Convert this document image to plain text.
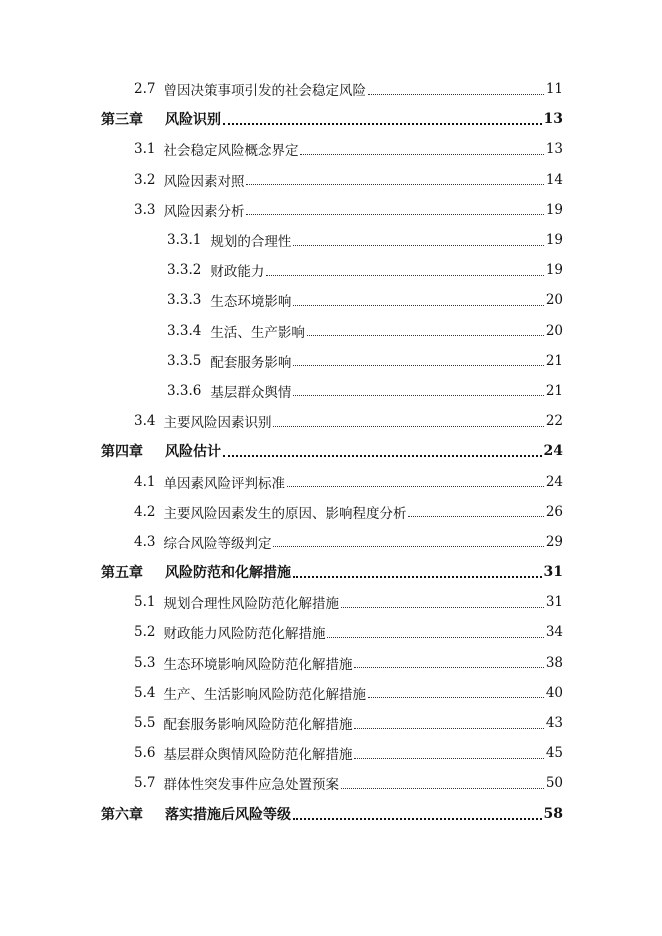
2.7 曾因决策事项引发的社会稳定风险	11
第三章 风险识别	13
3.1 社会稳定风险概念界定	13
3.2 风险因素对照	14
3.3 风险因素分析	19
3.3.1 规划的合理性	19
3.3.2 财政能力	19
3.3.3 生态环境影响	20
3.3.4 生活、生产影响	20
3.3.5 配套服务影响	21
3.3.6 基层群众舆情	21
3.4 主要风险因素识别	22
第四章 风险估计	24
4.1 单因素风险评判标准	24
4.2 主要风险因素发生的原因、影响程度分析	26
4.3 综合风险等级判定	29
第五章 风险防范和化解措施	31
5.1 规划合理性风险防范化解措施	31
5.2 财政能力风险防范化解措施	34
5.3 生态环境影响风险防范化解措施	38
5.4 生产、生活影响风险防范化解措施	40
5.5 配套服务影响风险防范化解措施	43
5.6 基层群众舆情风险防范化解措施	45
5.7 群体性突发事件应急处置预案	50
第六章 落实措施后风险等级	58
